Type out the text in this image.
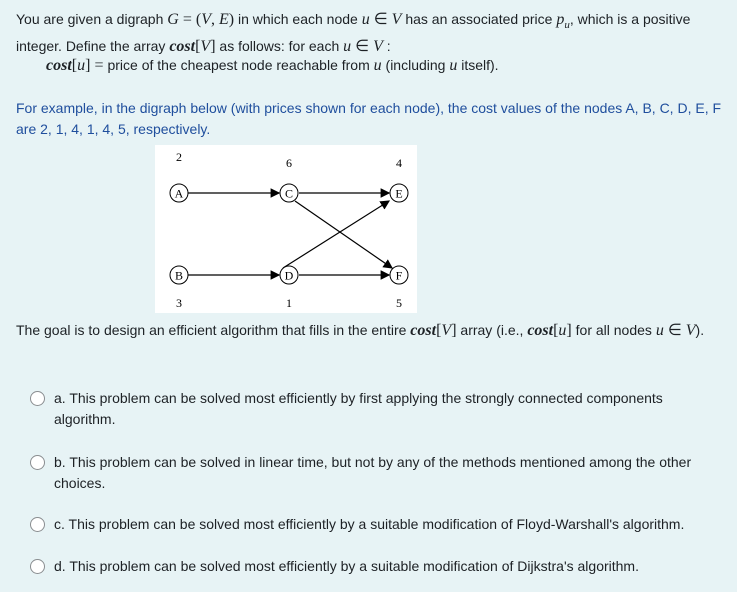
You are given a digraph G = (V, E) in which each node u ∈ V has an associated price $p_u$, which is a positive integer. Define the array cost[V] as follows: for each u ∈ V :
cost[u] = price of the cheapest node reachable from u (including u itself).
For example, in the digraph below (with prices shown for each node), the cost values of the nodes A, B, C, D, E, F are 2, 1, 4, 1, 4, 5, respectively.
A
2
C
6
E
4
B
3
D
1
F
5
The goal is to design an efficient algorithm that fills in the entire cost[V] array (i.e., cost[u] for all nodes u ∈ V).
a. This problem can be solved most efficiently by first applying the strongly connected components algorithm.
b. This problem can be solved in linear time, but not by any of the methods mentioned among the other choices.
c. This problem can be solved most efficiently by a suitable modification of Floyd-Warshall's algorithm.
d. This problem can be solved most efficiently by a suitable modification of Dijkstra's algorithm.
